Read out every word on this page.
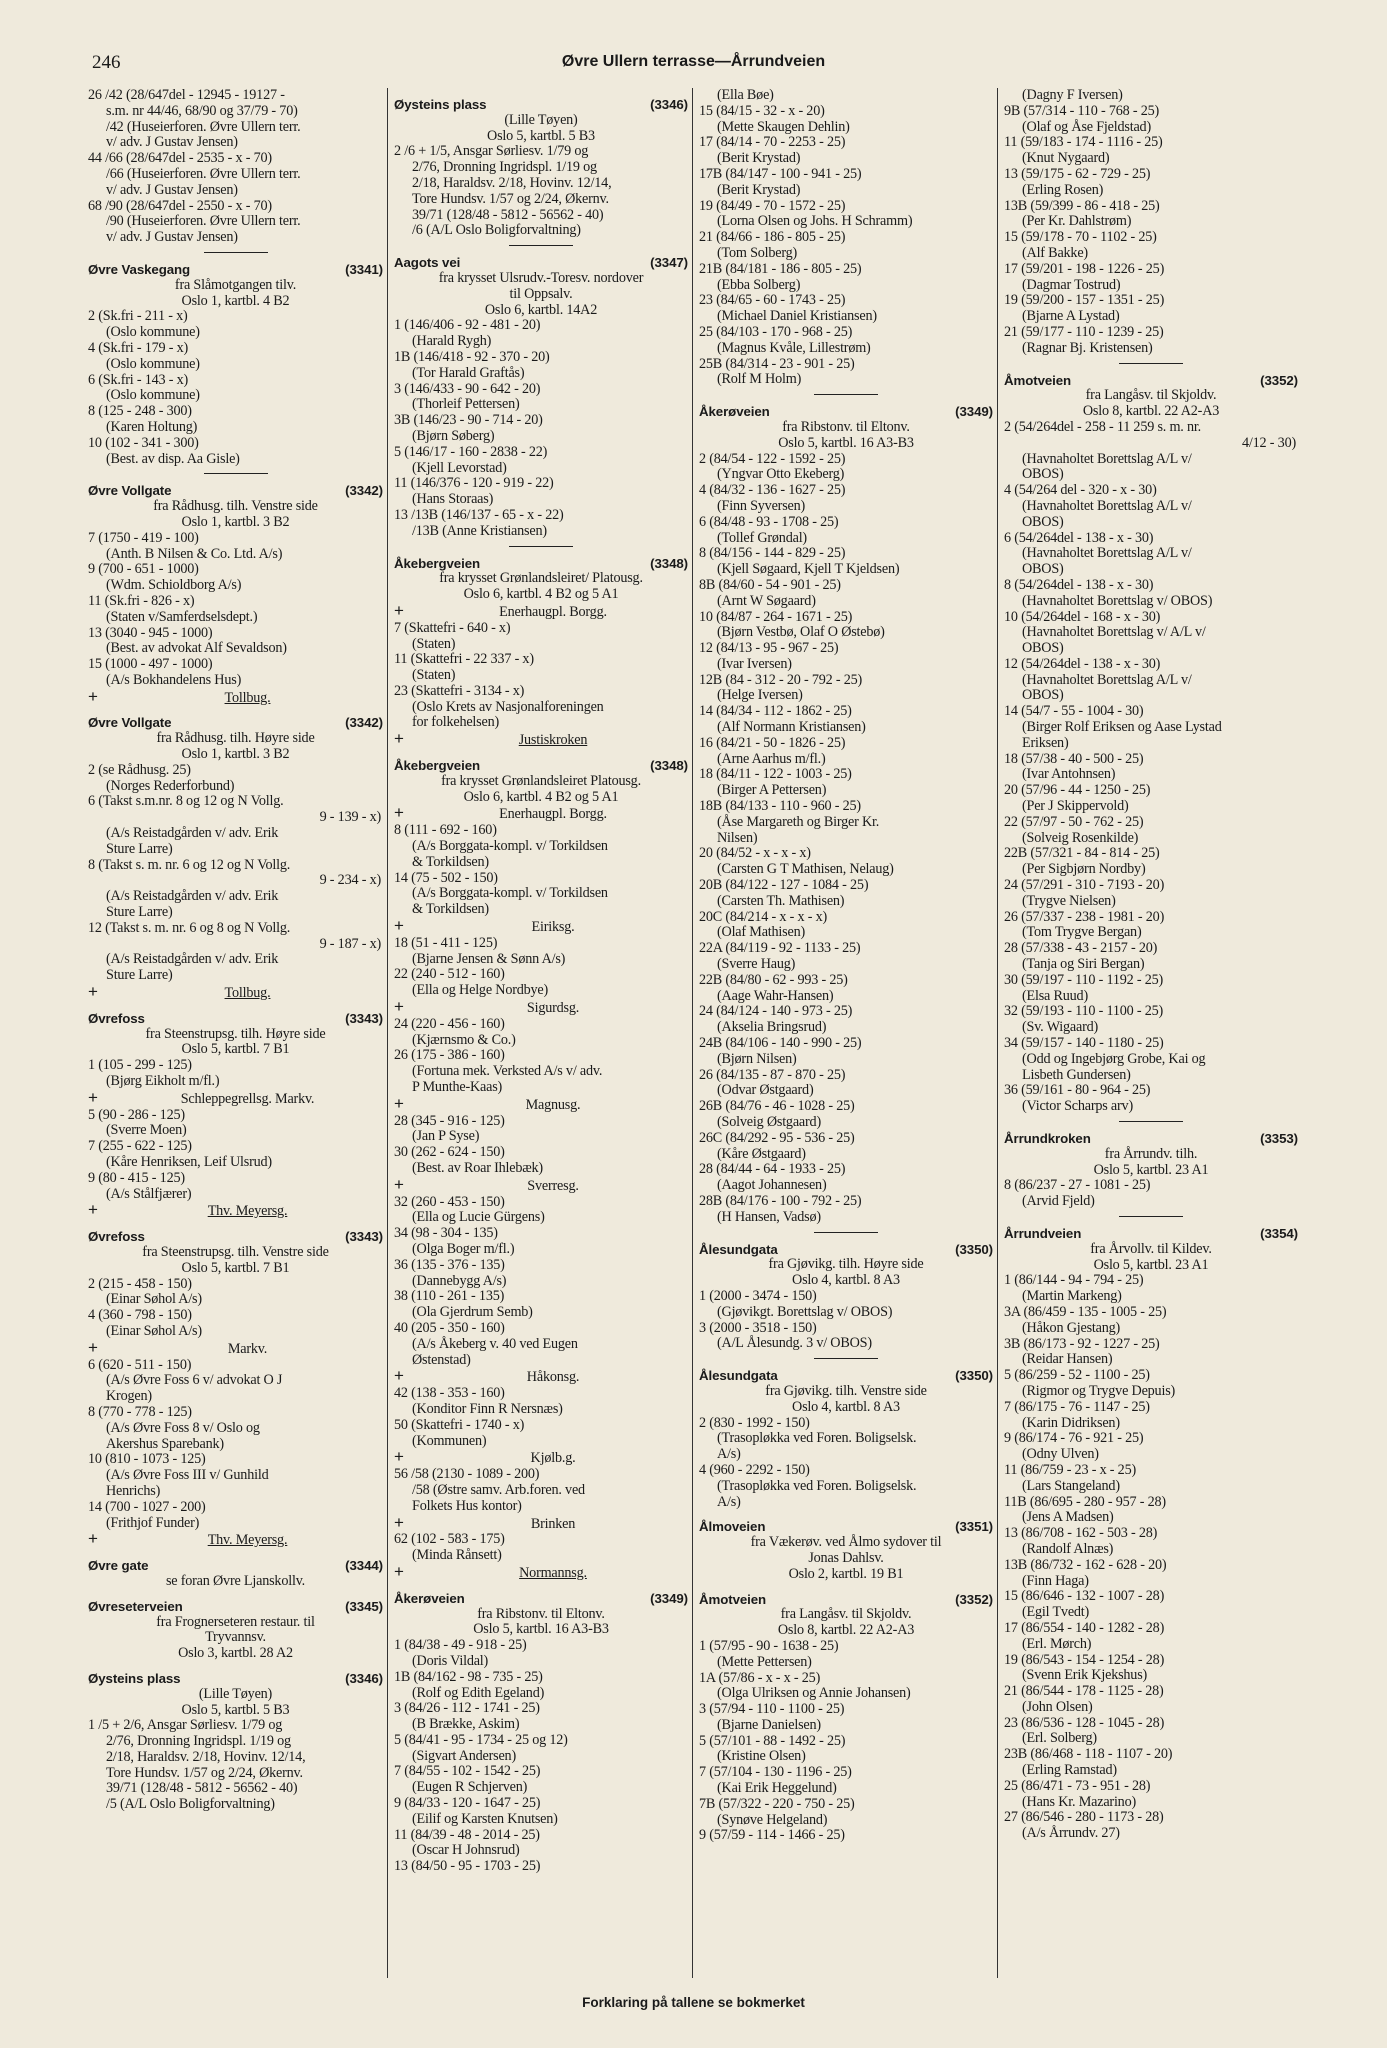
246	Øvre Ullern terrasse—Årrundveien
26 /42 (28/647del - 12945 - 19127 -
s.m. nr 44/46, 68/90 og 37/79 - 70)
/42 (Huseierforen. Øvre Ullern terr.
v/ adv. J Gustav Jensen)
44 /66 (28/647del - 2535 - x - 70)
/66 (Huseierforen. Øvre Ullern terr.
v/ adv. J Gustav Jensen)
68 /90 (28/647del - 2550 - x - 70)
/90 (Huseierforen. Øvre Ullern terr.
v/ adv. J Gustav Jensen)
Øvre Vaskegang	(3341)
fra Slåmotgangen tilv.
Oslo 1, kartbl. 4 B2
2 (Sk.fri - 211 - x)
(Oslo kommune)
4 (Sk.fri - 179 - x)
(Oslo kommune)
6 (Sk.fri - 143 - x)
(Oslo kommune)
8 (125 - 248 - 300)
(Karen Holtung)
10 (102 - 341 - 300)
(Best. av disp. Aa Gisle)
Øvre Vollgate	(3342)
fra Rådhusg. tilh. Venstre side
Oslo 1, kartbl. 3 B2
7 (1750 - 419 - 100)
(Anth. B Nilsen & Co. Ltd. A/s)
9 (700 - 651 - 1000)
(Wdm. Schioldborg A/s)
11 (Sk.fri - 826 - x)
(Staten v/Samferdselsdept.)
13 (3040 - 945 - 1000)
(Best. av advokat Alf Sevaldson)
15 (1000 - 497 - 1000)
(A/s Bokhandelens Hus)
+	Tollbug.
Øvre Vollgate	(3342)
fra Rådhusg. tilh. Høyre side
Oslo 1, kartbl. 3 B2
2 (se Rådhusg. 25)
(Norges Rederforbund)
6 (Takst s.m.nr. 8 og 12 og N Vollg.
9 - 139 - x)
(A/s Reistadgården v/ adv. Erik
Sture Larre)
8 (Takst s. m. nr. 6 og 12 og N Vollg.
9 - 234 - x)
(A/s Reistadgården v/ adv. Erik
Sture Larre)
12 (Takst s. m. nr. 6 og 8 og N Vollg.
9 - 187 - x)
(A/s Reistadgården v/ adv. Erik
Sture Larre)
+	Tollbug.
Øvrefoss	(3343)
fra Steenstrupsg. tilh. Høyre side
Oslo 5, kartbl. 7 B1
1 (105 - 299 - 125)
(Bjørg Eikholt m/fl.)
+	Schleppegrellsg. Markv.
5 (90 - 286 - 125)
(Sverre Moen)
7 (255 - 622 - 125)
(Kåre Henriksen, Leif Ulsrud)
9 (80 - 415 - 125)
(A/s Stålfjærer)
+	Thv. Meyersg.
Øvrefoss	(3343)
fra Steenstrupsg. tilh. Venstre side
Oslo 5, kartbl. 7 B1
2 (215 - 458 - 150)
(Einar Søhol A/s)
4 (360 - 798 - 150)
(Einar Søhol A/s)
+	Markv.
6 (620 - 511 - 150)
(A/s Øvre Foss 6 v/ advokat O J
Krogen)
8 (770 - 778 - 125)
(A/s Øvre Foss 8 v/ Oslo og
Akershus Sparebank)
10 (810 - 1073 - 125)
(A/s Øvre Foss III v/ Gunhild
Henrichs)
14 (700 - 1027 - 200)
(Frithjof Funder)
+	Thv. Meyersg.
Øvre gate	(3344)
se foran Øvre Ljanskollv.
Øvreseterveien	(3345)
fra Frognerseteren restaur. til
Tryvannsv.
Oslo 3, kartbl. 28 A2
Øysteins plass	(3346)
(Lille Tøyen)
Oslo 5, kartbl. 5 B3
1 /5 + 2/6, Ansgar Sørliesv. 1/79 og
2/76, Dronning Ingridspl. 1/19 og
2/18, Haraldsv. 2/18, Hovinv. 12/14,
Tore Hundsv. 1/57 og 2/24, Økernv.
39/71 (128/48 - 5812 - 56562 - 40)
/5 (A/L Oslo Boligforvaltning)
Øysteins plass	(3346)
(Lille Tøyen)
Oslo 5, kartbl. 5 B3
2 /6 + 1/5, Ansgar Sørliesv. 1/79 og
2/76, Dronning Ingridspl. 1/19 og
2/18, Haraldsv. 2/18, Hovinv. 12/14,
Tore Hundsv. 1/57 og 2/24, Økernv.
39/71 (128/48 - 5812 - 56562 - 40)
/6 (A/L Oslo Boligforvaltning)
Aagots vei	(3347)
fra krysset Ulsrudv.-Toresv. nordover
til Oppsalv.
Oslo 6, kartbl. 14A2
1 (146/406 - 92 - 481 - 20)
(Harald Rygh)
1B (146/418 - 92 - 370 - 20)
(Tor Harald Graftås)
3 (146/433 - 90 - 642 - 20)
(Thorleif Pettersen)
3B (146/23 - 90 - 714 - 20)
(Bjørn Søberg)
5 (146/17 - 160 - 2838 - 22)
(Kjell Levorstad)
11 (146/376 - 120 - 919 - 22)
(Hans Storaas)
13 /13B (146/137 - 65 - x - 22)
/13B (Anne Kristiansen)
Åkebergveien	(3348)
fra krysset Grønlandsleiret/ Platousg.
Oslo 6, kartbl. 4 B2 og 5 A1
+	Enerhaugpl. Borgg.
7 (Skattefri - 640 - x)
(Staten)
11 (Skattefri - 22 337 - x)
(Staten)
23 (Skattefri - 3134 - x)
(Oslo Krets av Nasjonalforeningen
for folkehelsen)
+	Justiskroken
Åkebergveien	(3348)
fra krysset Grønlandsleiret Platousg.
Oslo 6, kartbl. 4 B2 og 5 A1
+	Enerhaugpl. Borgg.
8 (111 - 692 - 160)
(A/s Borggata-kompl. v/ Torkildsen
& Torkildsen)
14 (75 - 502 - 150)
(A/s Borggata-kompl. v/ Torkildsen
& Torkildsen)
+	Eiriksg.
18 (51 - 411 - 125)
(Bjarne Jensen & Sønn A/s)
22 (240 - 512 - 160)
(Ella og Helge Nordbye)
+	Sigurdsg.
24 (220 - 456 - 160)
(Kjærnsmo & Co.)
26 (175 - 386 - 160)
(Fortuna mek. Verksted A/s v/ adv.
P Munthe-Kaas)
+	Magnusg.
28 (345 - 916 - 125)
(Jan P Syse)
30 (262 - 624 - 150)
(Best. av Roar Ihlebæk)
+	Sverresg.
32 (260 - 453 - 150)
(Ella og Lucie Gürgens)
34 (98 - 304 - 135)
(Olga Boger m/fl.)
36 (135 - 376 - 135)
(Dannebygg A/s)
38 (110 - 261 - 135)
(Ola Gjerdrum Semb)
40 (205 - 350 - 160)
(A/s Åkeberg v. 40 ved Eugen
Østenstad)
+	Håkonsg.
42 (138 - 353 - 160)
(Konditor Finn R Nersnæs)
50 (Skattefri - 1740 - x)
(Kommunen)
+	Kjølb.g.
56 /58 (2130 - 1089 - 200)
/58 (Østre samv. Arb.foren. ved
Folkets Hus kontor)
+	Brinken
62 (102 - 583 - 175)
(Minda Rånsett)
+	Normannsg.
Åkerøveien	(3349)
fra Ribstonv. til Eltonv.
Oslo 5, kartbl. 16 A3-B3
1 (84/38 - 49 - 918 - 25)
(Doris Vildal)
1B (84/162 - 98 - 735 - 25)
(Rolf og Edith Egeland)
3 (84/26 - 112 - 1741 - 25)
(B Brække, Askim)
5 (84/41 - 95 - 1734 - 25 og 12)
(Sigvart Andersen)
7 (84/55 - 102 - 1542 - 25)
(Eugen R Schjerven)
9 (84/33 - 120 - 1647 - 25)
(Eilif og Karsten Knutsen)
11 (84/39 - 48 - 2014 - 25)
(Oscar H Johnsrud)
13 (84/50 - 95 - 1703 - 25)
(Ella Bøe)
15 (84/15 - 32 - x - 20)
(Mette Skaugen Dehlin)
17 (84/14 - 70 - 2253 - 25)
(Berit Krystad)
17B (84/147 - 100 - 941 - 25)
(Berit Krystad)
19 (84/49 - 70 - 1572 - 25)
(Lorna Olsen og Johs. H Schramm)
21 (84/66 - 186 - 805 - 25)
(Tom Solberg)
21B (84/181 - 186 - 805 - 25)
(Ebba Solberg)
23 (84/65 - 60 - 1743 - 25)
(Michael Daniel Kristiansen)
25 (84/103 - 170 - 968 - 25)
(Magnus Kvåle, Lillestrøm)
25B (84/314 - 23 - 901 - 25)
(Rolf M Holm)
Åkerøveien	(3349)
fra Ribstonv. til Eltonv.
Oslo 5, kartbl. 16 A3-B3
2 (84/54 - 122 - 1592 - 25)
(Yngvar Otto Ekeberg)
4 (84/32 - 136 - 1627 - 25)
(Finn Syversen)
6 (84/48 - 93 - 1708 - 25)
(Tollef Grøndal)
8 (84/156 - 144 - 829 - 25)
(Kjell Søgaard, Kjell T Kjeldsen)
8B (84/60 - 54 - 901 - 25)
(Arnt W Søgaard)
10 (84/87 - 264 - 1671 - 25)
(Bjørn Vestbø, Olaf O Østebø)
12 (84/13 - 95 - 967 - 25)
(Ivar Iversen)
12B (84 - 312 - 20 - 792 - 25)
(Helge Iversen)
14 (84/34 - 112 - 1862 - 25)
(Alf Normann Kristiansen)
16 (84/21 - 50 - 1826 - 25)
(Arne Aarhus m/fl.)
18 (84/11 - 122 - 1003 - 25)
(Birger A Pettersen)
18B (84/133 - 110 - 960 - 25)
(Åse Margareth og Birger Kr.
Nilsen)
20 (84/52 - x - x - x)
(Carsten G T Mathisen, Nelaug)
20B (84/122 - 127 - 1084 - 25)
(Carsten Th. Mathisen)
20C (84/214 - x - x - x)
(Olaf Mathisen)
22A (84/119 - 92 - 1133 - 25)
(Sverre Haug)
22B (84/80 - 62 - 993 - 25)
(Aage Wahr-Hansen)
24 (84/124 - 140 - 973 - 25)
(Akselia Bringsrud)
24B (84/106 - 140 - 990 - 25)
(Bjørn Nilsen)
26 (84/135 - 87 - 870 - 25)
(Odvar Østgaard)
26B (84/76 - 46 - 1028 - 25)
(Solveig Østgaard)
26C (84/292 - 95 - 536 - 25)
(Kåre Østgaard)
28 (84/44 - 64 - 1933 - 25)
(Aagot Johannesen)
28B (84/176 - 100 - 792 - 25)
(H Hansen, Vadsø)
Ålesundgata	(3350)
fra Gjøvikg. tilh. Høyre side
Oslo 4, kartbl. 8 A3
1 (2000 - 3474 - 150)
(Gjøvikgt. Borettslag v/ OBOS)
3 (2000 - 3518 - 150)
(A/L Ålesundg. 3 v/ OBOS)
Ålesundgata	(3350)
fra Gjøvikg. tilh. Venstre side
Oslo 4, kartbl. 8 A3
2 (830 - 1992 - 150)
(Trasopløkka ved Foren. Boligselsk.
A/s)
4 (960 - 2292 - 150)
(Trasopløkka ved Foren. Boligselsk.
A/s)
Ålmoveien	(3351)
fra Vækerøv. ved Ålmo sydover til
Jonas Dahlsv.
Oslo 2, kartbl. 19 B1
Åmotveien	(3352)
fra Langåsv. til Skjoldv.
Oslo 8, kartbl. 22 A2-A3
1 (57/95 - 90 - 1638 - 25)
(Mette Pettersen)
1A (57/86 - x - x - 25)
(Olga Ulriksen og Annie Johansen)
3 (57/94 - 110 - 1100 - 25)
(Bjarne Danielsen)
5 (57/101 - 88 - 1492 - 25)
(Kristine Olsen)
7 (57/104 - 130 - 1196 - 25)
(Kai Erik Heggelund)
7B (57/322 - 220 - 750 - 25)
(Synøve Helgeland)
9 (57/59 - 114 - 1466 - 25)
(Dagny F Iversen)
9B (57/314 - 110 - 768 - 25)
(Olaf og Åse Fjeldstad)
11 (59/183 - 174 - 1116 - 25)
(Knut Nygaard)
13 (59/175 - 62 - 729 - 25)
(Erling Rosen)
13B (59/399 - 86 - 418 - 25)
(Per Kr. Dahlstrøm)
15 (59/178 - 70 - 1102 - 25)
(Alf Bakke)
17 (59/201 - 198 - 1226 - 25)
(Dagmar Tostrud)
19 (59/200 - 157 - 1351 - 25)
(Bjarne A Lystad)
21 (59/177 - 110 - 1239 - 25)
(Ragnar Bj. Kristensen)
Åmotveien	(3352)
fra Langåsv. til Skjoldv.
Oslo 8, kartbl. 22 A2-A3
2 (54/264del - 258 - 11 259 s. m. nr.
4/12 - 30)
(Havnaholtet Borettslag A/L v/
OBOS)
4 (54/264 del - 320 - x - 30)
(Havnaholtet Borettslag A/L v/
OBOS)
6 (54/264del - 138 - x - 30)
(Havnaholtet Borettslag A/L v/
OBOS)
8 (54/264del - 138 - x - 30)
(Havnaholtet Borettslag v/ OBOS)
10 (54/264del - 168 - x - 30)
(Havnaholtet Borettslag v/ A/L v/
OBOS)
12 (54/264del - 138 - x - 30)
(Havnaholtet Borettslag A/L v/
OBOS)
14 (54/7 - 55 - 1004 - 30)
(Birger Rolf Eriksen og Aase Lystad
Eriksen)
18 (57/38 - 40 - 500 - 25)
(Ivar Antohnsen)
20 (57/96 - 44 - 1250 - 25)
(Per J Skippervold)
22 (57/97 - 50 - 762 - 25)
(Solveig Rosenkilde)
22B (57/321 - 84 - 814 - 25)
(Per Sigbjørn Nordby)
24 (57/291 - 310 - 7193 - 20)
(Trygve Nielsen)
26 (57/337 - 238 - 1981 - 20)
(Tom Trygve Bergan)
28 (57/338 - 43 - 2157 - 20)
(Tanja og Siri Bergan)
30 (59/197 - 110 - 1192 - 25)
(Elsa Ruud)
32 (59/193 - 110 - 1100 - 25)
(Sv. Wigaard)
34 (59/157 - 140 - 1180 - 25)
(Odd og Ingebjørg Grobe, Kai og
Lisbeth Gundersen)
36 (59/161 - 80 - 964 - 25)
(Victor Scharps arv)
Årrundkroken	(3353)
fra Årrundv. tilh.
Oslo 5, kartbl. 23 A1
8 (86/237 - 27 - 1081 - 25)
(Arvid Fjeld)
Årrundveien	(3354)
fra Årvollv. til Kildev.
Oslo 5, kartbl. 23 A1
1 (86/144 - 94 - 794 - 25)
(Martin Markeng)
3A (86/459 - 135 - 1005 - 25)
(Håkon Gjestang)
3B (86/173 - 92 - 1227 - 25)
(Reidar Hansen)
5 (86/259 - 52 - 1100 - 25)
(Rigmor og Trygve Depuis)
7 (86/175 - 76 - 1147 - 25)
(Karin Didriksen)
9 (86/174 - 76 - 921 - 25)
(Odny Ulven)
11 (86/759 - 23 - x - 25)
(Lars Stangeland)
11B (86/695 - 280 - 957 - 28)
(Jens A Madsen)
13 (86/708 - 162 - 503 - 28)
(Randolf Alnæs)
13B (86/732 - 162 - 628 - 20)
(Finn Haga)
15 (86/646 - 132 - 1007 - 28)
(Egil Tvedt)
17 (86/554 - 140 - 1282 - 28)
(Erl. Mørch)
19 (86/543 - 154 - 1254 - 28)
(Svenn Erik Kjekshus)
21 (86/544 - 178 - 1125 - 28)
(John Olsen)
23 (86/536 - 128 - 1045 - 28)
(Erl. Solberg)
23B (86/468 - 118 - 1107 - 20)
(Erling Ramstad)
25 (86/471 - 73 - 951 - 28)
(Hans Kr. Mazarino)
27 (86/546 - 280 - 1173 - 28)
(A/s Årrundv. 27)
Forklaring på tallene se bokmerket
